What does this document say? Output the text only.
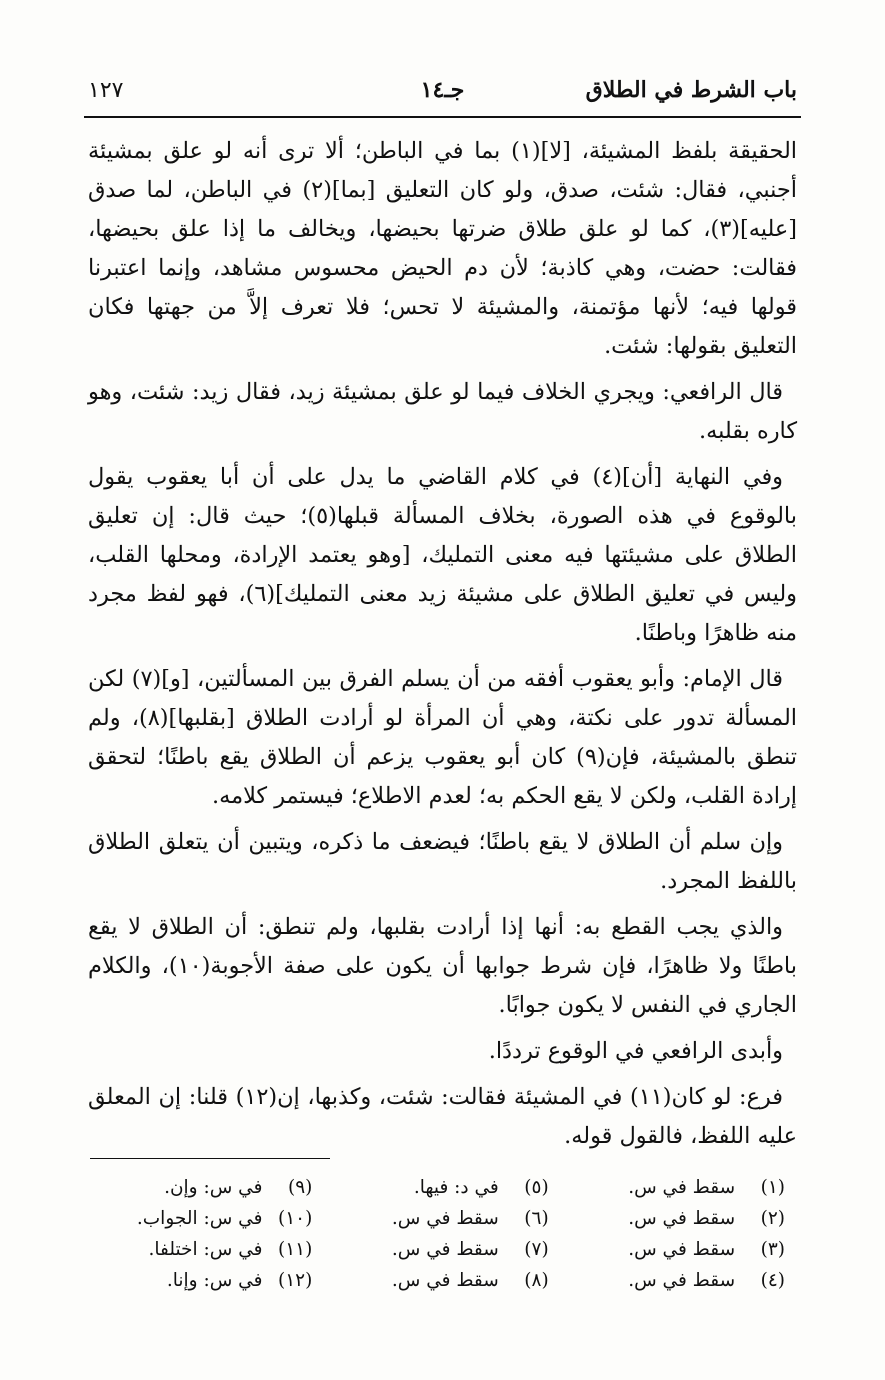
باب الشرط في الطلاق
جـ١٤
١٢٧

الحقيقة بلفظ المشيئة، [لا](١) بما في الباطن؛ ألا ترى أنه لو علق بمشيئة أجنبي، فقال: شئت، صدق، ولو كان التعليق [بما](٢) في الباطن، لما صدق [عليه](٣)، كما لو علق طلاق ضرتها بحيضها، ويخالف ما إذا علق بحيضها، فقالت: حضت، وهي كاذبة؛ لأن دم الحيض محسوس مشاهد، وإنما اعتبرنا قولها فيه؛ لأنها مؤتمنة، والمشيئة لا تحس؛ فلا تعرف إلاَّ من جهتها فكان التعليق بقولها: شئت.

قال الرافعي: ويجري الخلاف فيما لو علق بمشيئة زيد، فقال زيد: شئت، وهو كاره بقلبه.

وفي النهاية [أن](٤) في كلام القاضي ما يدل على أن أبا يعقوب يقول بالوقوع في هذه الصورة، بخلاف المسألة قبلها(٥)؛ حيث قال: إن تعليق الطلاق على مشيئتها فيه معنى التمليك، [وهو يعتمد الإرادة، ومحلها القلب، وليس في تعليق الطلاق على مشيئة زيد معنى التمليك](٦)، فهو لفظ مجرد منه ظاهرًا وباطنًا.

قال الإمام: وأبو يعقوب أفقه من أن يسلم الفرق بين المسألتين، [و](٧) لكن المسألة تدور على نكتة، وهي أن المرأة لو أرادت الطلاق [بقلبها](٨)، ولم تنطق بالمشيئة، فإن(٩) كان أبو يعقوب يزعم أن الطلاق يقع باطنًا؛ لتحقق إرادة القلب، ولكن لا يقع الحكم به؛ لعدم الاطلاع؛ فيستمر كلامه.

وإن سلم أن الطلاق لا يقع باطنًا؛ فيضعف ما ذكره، ويتبين أن يتعلق الطلاق باللفظ المجرد.

والذي يجب القطع به: أنها إذا أرادت بقلبها، ولم تنطق: أن الطلاق لا يقع باطنًا ولا ظاهرًا، فإن شرط جوابها أن يكون على صفة الأجوبة(١٠)، والكلام الجاري في النفس لا يكون جوابًا.

وأبدى الرافعي في الوقوع ترددًا.

فرع: لو كان(١١) في المشيئة فقالت: شئت، وكذبها، إن(١٢) قلنا: إن المعلق عليه اللفظ، فالقول قوله.

(١) سقط في س.
(٢) سقط في س.
(٣) سقط في س.
(٤) سقط في س.
(٥) في د: فيها.
(٦) سقط في س.
(٧) سقط في س.
(٨) سقط في س.
(٩) في س: وإن.
(١٠) في س: الجواب.
(١١) في س: اختلفا.
(١٢) في س: وإنا.
